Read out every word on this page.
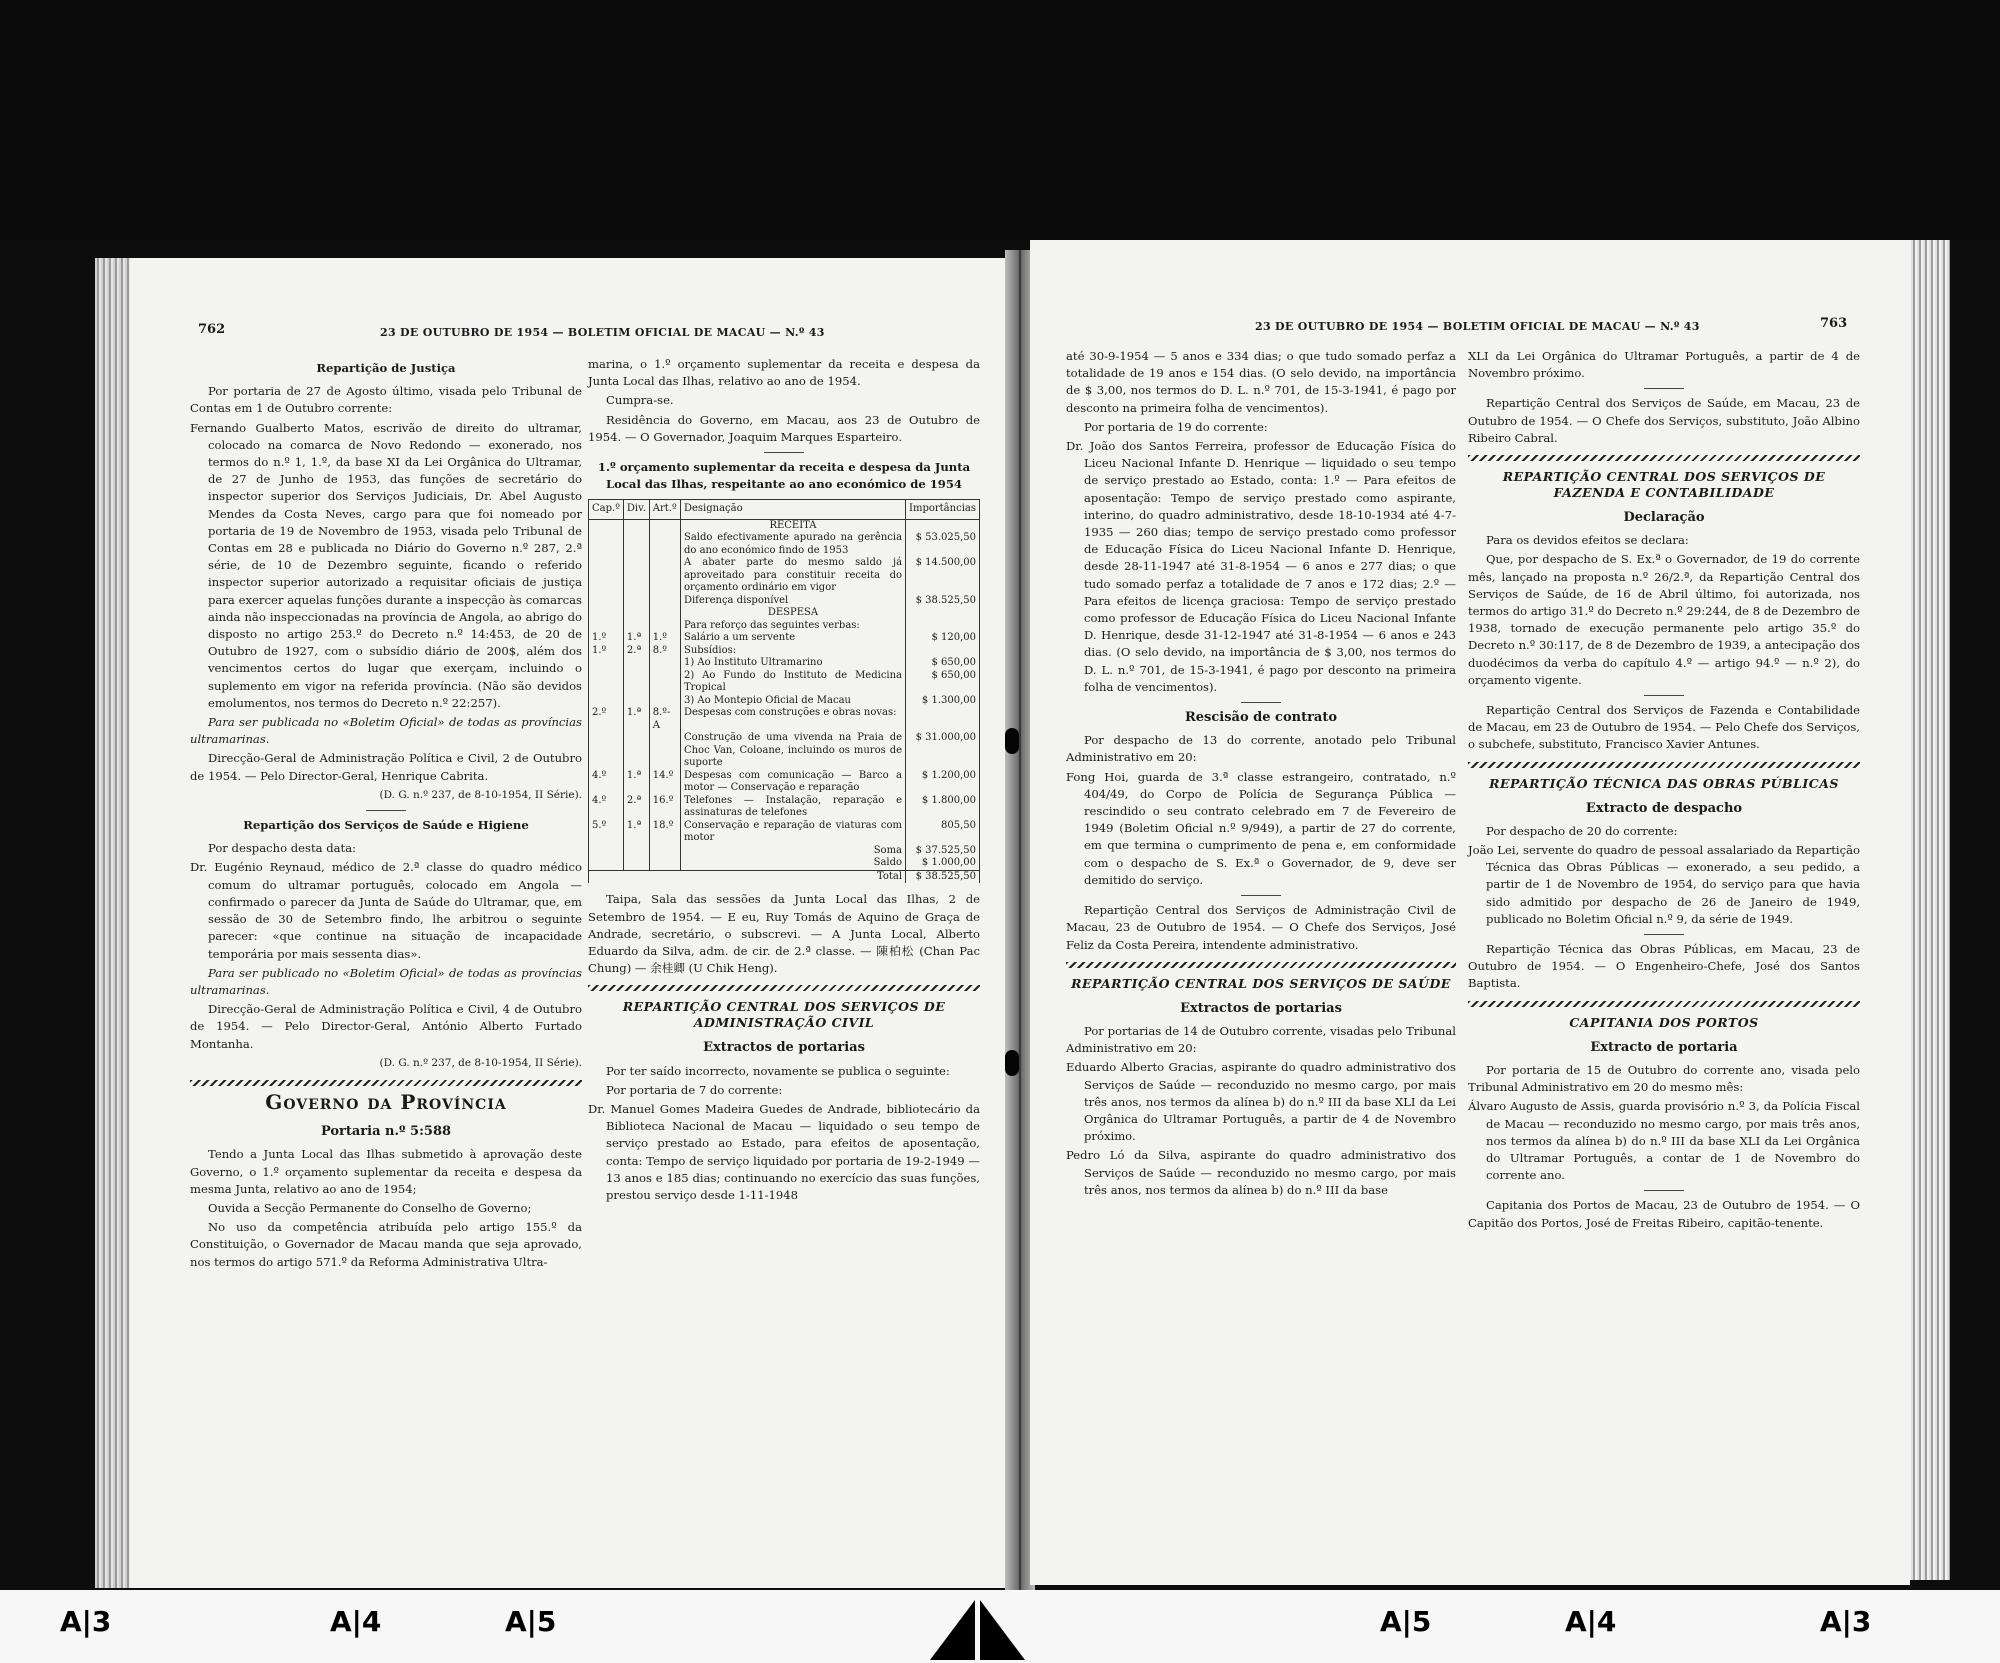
762	23 DE OUTUBRO DE 1954 — BOLETIM OFICIAL DE MACAU — N.º 43
Repartição de Justiça

Por portaria de 27 de Agosto último, visada pelo Tribunal de Contas em 1 de Outubro corrente:

Fernando Gualberto Matos, escrivão de direito do ultramar, colocado na comarca de Novo Redondo — exonerado, nos termos do n.º 1, 1.º, da base XI da Lei Orgânica do Ultramar, de 27 de Junho de 1953, das funções de secretário do inspector superior dos Serviços Judiciais, Dr. Abel Augusto Mendes da Costa Neves, cargo para que foi nomeado por portaria de 19 de Novembro de 1953, visada pelo Tribunal de Contas em 28 e publicada no Diário do Governo n.º 287, 2.ª série, de 10 de Dezembro seguinte, ficando o referido inspector superior autorizado a requisitar oficiais de justiça para exercer aquelas funções durante a inspecção às comarcas ainda não inspeccionadas na província de Angola, ao abrigo do disposto no artigo 253.º do Decreto n.º 14:453, de 20 de Outubro de 1927, com o subsídio diário de 200$, além dos vencimentos certos do lugar que exerçam, incluindo o suplemento em vigor na referida província. (Não são devidos emolumentos, nos termos do Decreto n.º 22:257).

Para ser publicada no «Boletim Oficial» de todas as províncias ultramarinas.

Direcção-Geral de Administração Política e Civil, 2 de Outubro de 1954. — Pelo Director-Geral, Henrique Cabrita.

(D. G. n.º 237, de 8-10-1954, II Série).
Repartição dos Serviços de Saúde e Higiene

Por despacho desta data:

Dr. Eugénio Reynaud, médico de 2.ª classe do quadro médico comum do ultramar português, colocado em Angola — confirmado o parecer da Junta de Saúde do Ultramar, que, em sessão de 30 de Setembro findo, lhe arbitrou o seguinte parecer: «que continue na situação de incapacidade temporária por mais sessenta dias».

Para ser publicado no «Boletim Oficial» de todas as províncias ultramarinas.

Direcção-Geral de Administração Política e Civil, 4 de Outubro de 1954. — Pelo Director-Geral, António Alberto Furtado Montanha.

(D. G. n.º 237, de 8-10-1954, II Série).
Governo da Província
Portaria n.º 5:588

Tendo a Junta Local das Ilhas submetido à aprovação deste Governo, o 1.º orçamento suplementar da receita e despesa da mesma Junta, relativo ao ano de 1954;

Ouvida a Secção Permanente do Conselho de Governo;

No uso da competência atribuída pelo artigo 155.º da Constituição, o Governador de Macau manda que seja aprovado, nos termos do artigo 571.º da Reforma Administrativa Ultra-

marina, o 1.º orçamento suplementar da receita e despesa da Junta Local das Ilhas, relativo ao ano de 1954.

Cumpra-se.

Residência do Governo, em Macau, aos 23 de Outubro de 1954. — O Governador, Joaquim Marques Esparteiro.

1.º orçamento suplementar da receita e despesa da Junta Local das Ilhas, respeitante ao ano económico de 1954
Cap.º	Div.	Art.º	Designação	Importâncias
			RECEITA	
			Saldo efectivamente apurado na gerência do ano económico findo de 1953	$ 53.025,50
			A abater parte do mesmo saldo já aproveitado para constituir receita do orçamento ordinário em vigor	$ 14.500,00
			Diferença disponível	$ 38.525,50
			DESPESA	
			Para reforço das seguintes verbas:	
1.º	1.ª	1.º	Salário a um servente	$ 120,00
1.º	2.ª	8.º	Subsídios:	
			1) Ao Instituto Ultramarino	$ 650,00
			2) Ao Fundo do Instituto de Medicina Tropical	$ 650,00
			3) Ao Montepio Oficial de Macau	$ 1.300,00
2.º	1.ª	8.º-A	Despesas com construções e obras novas:	
			Construção de uma vivenda na Praia de Choc Van, Coloane, incluindo os muros de suporte	$ 31.000,00
4.º	1.ª	14.º	Despesas com comunicação — Barco a motor — Conservação e reparação	$ 1.200,00
4.º	2.ª	16.º	Telefones — Instalação, reparação e assinaturas de telefones	$ 1.800,00
5.º	1.ª	18.º	Conservação e reparação de viaturas com motor	805,50
			Soma	$ 37.525,50
			Saldo	$ 1.000,00
Total				$ 38.525,50

Taipa, Sala das sessões da Junta Local das Ilhas, 2 de Setembro de 1954. — E eu, Ruy Tomás de Aquino de Graça de Andrade, secretário, o subscrevi. — A Junta Local, Alberto Eduardo da Silva, adm. de cir. de 2.ª classe. — 陳柏松 (Chan Pac Chung) — 余桂卿 (U Chik Heng).

REPARTIÇÃO CENTRAL DOS SERVIÇOS DE ADMINISTRAÇÃO CIVIL
Extractos de portarias

Por ter saído incorrecto, novamente se publica o seguinte:

Por portaria de 7 do corrente:

Dr. Manuel Gomes Madeira Guedes de Andrade, bibliotecário da Biblioteca Nacional de Macau — liquidado o seu tempo de serviço prestado ao Estado, para efeitos de aposentação, conta: Tempo de serviço liquidado por portaria de 19-2-1949 — 13 anos e 185 dias; continuando no exercício das suas funções, prestou serviço desde 1-11-1948

23 DE OUTUBRO DE 1954 — BOLETIM OFICIAL DE MACAU — N.º 43	763

até 30-9-1954 — 5 anos e 334 dias; o que tudo somado perfaz a totalidade de 19 anos e 154 dias. (O selo devido, na importância de $ 3,00, nos termos do D. L. n.º 701, de 15-3-1941, é pago por desconto na primeira folha de vencimentos).

Por portaria de 19 do corrente:

Dr. João dos Santos Ferreira, professor de Educação Física do Liceu Nacional Infante D. Henrique — liquidado o seu tempo de serviço prestado ao Estado, conta: 1.º — Para efeitos de aposentação: Tempo de serviço prestado como aspirante, interino, do quadro administrativo, desde 18-10-1934 até 4-7-1935 — 260 dias; tempo de serviço prestado como professor de Educação Física do Liceu Nacional Infante D. Henrique, desde 28-11-1947 até 31-8-1954 — 6 anos e 277 dias; o que tudo somado perfaz a totalidade de 7 anos e 172 dias; 2.º — Para efeitos de licença graciosa: Tempo de serviço prestado como professor de Educação Física do Liceu Nacional Infante D. Henrique, desde 31-12-1947 até 31-8-1954 — 6 anos e 243 dias. (O selo devido, na importância de $ 3,00, nos termos do D. L. n.º 701, de 15-3-1941, é pago por desconto na primeira folha de vencimentos).

Rescisão de contrato

Por despacho de 13 do corrente, anotado pelo Tribunal Administrativo em 20:

Fong Hoi, guarda de 3.ª classe estrangeiro, contratado, n.º 404/49, do Corpo de Polícia de Segurança Pública — rescindido o seu contrato celebrado em 7 de Fevereiro de 1949 (Boletim Oficial n.º 9/949), a partir de 27 do corrente, em que termina o cumprimento de pena e, em conformidade com o despacho de S. Ex.ª o Governador, de 9, deve ser demitido do serviço.

Repartição Central dos Serviços de Administração Civil de Macau, 23 de Outubro de 1954. — O Chefe dos Serviços, José Feliz da Costa Pereira, intendente administrativo.

REPARTIÇÃO CENTRAL DOS SERVIÇOS DE SAÚDE
Extractos de portarias

Por portarias de 14 de Outubro corrente, visadas pelo Tribunal Administrativo em 20:

Eduardo Alberto Gracias, aspirante do quadro administrativo dos Serviços de Saúde — reconduzido no mesmo cargo, por mais três anos, nos termos da alínea b) do n.º III da base XLI da Lei Orgânica do Ultramar Português, a partir de 4 de Novembro próximo.

Pedro Ló da Silva, aspirante do quadro administrativo dos Serviços de Saúde — reconduzido no mesmo cargo, por mais três anos, nos termos da alínea b) do n.º III da base

XLI da Lei Orgânica do Ultramar Português, a partir de 4 de Novembro próximo.

Repartição Central dos Serviços de Saúde, em Macau, 23 de Outubro de 1954. — O Chefe dos Serviços, substituto, João Albino Ribeiro Cabral.

REPARTIÇÃO CENTRAL DOS SERVIÇOS DE FAZENDA E CONTABILIDADE
Declaração

Para os devidos efeitos se declara:

Que, por despacho de S. Ex.ª o Governador, de 19 do corrente mês, lançado na proposta n.º 26/2.ª, da Repartição Central dos Serviços de Saúde, de 16 de Abril último, foi autorizada, nos termos do artigo 31.º do Decreto n.º 29:244, de 8 de Dezembro de 1938, tornado de execução permanente pelo artigo 35.º do Decreto n.º 30:117, de 8 de Dezembro de 1939, a antecipação dos duodécimos da verba do capítulo 4.º — artigo 94.º — n.º 2), do orçamento vigente.

Repartição Central dos Serviços de Fazenda e Contabilidade de Macau, em 23 de Outubro de 1954. — Pelo Chefe dos Serviços, o subchefe, substituto, Francisco Xavier Antunes.

REPARTIÇÃO TÉCNICA DAS OBRAS PÚBLICAS
Extracto de despacho

Por despacho de 20 do corrente:

João Lei, servente do quadro de pessoal assalariado da Repartição Técnica das Obras Públicas — exonerado, a seu pedido, a partir de 1 de Novembro de 1954, do serviço para que havia sido admitido por despacho de 26 de Janeiro de 1949, publicado no Boletim Oficial n.º 9, da série de 1949.

Repartição Técnica das Obras Públicas, em Macau, 23 de Outubro de 1954. — O Engenheiro-Chefe, José dos Santos Baptista.

CAPITANIA DOS PORTOS
Extracto de portaria

Por portaria de 15 de Outubro do corrente ano, visada pelo Tribunal Administrativo em 20 do mesmo mês:

Álvaro Augusto de Assis, guarda provisório n.º 3, da Polícia Fiscal de Macau — reconduzido no mesmo cargo, por mais três anos, nos termos da alínea b) do n.º III da base XLI da Lei Orgânica do Ultramar Português, a contar de 1 de Novembro do corrente ano.

Capitania dos Portos de Macau, 23 de Outubro de 1954. — O Capitão dos Portos, José de Freitas Ribeiro, capitão-tenente.

A|3	A|4	A|5	A|5	A|4	A|3
